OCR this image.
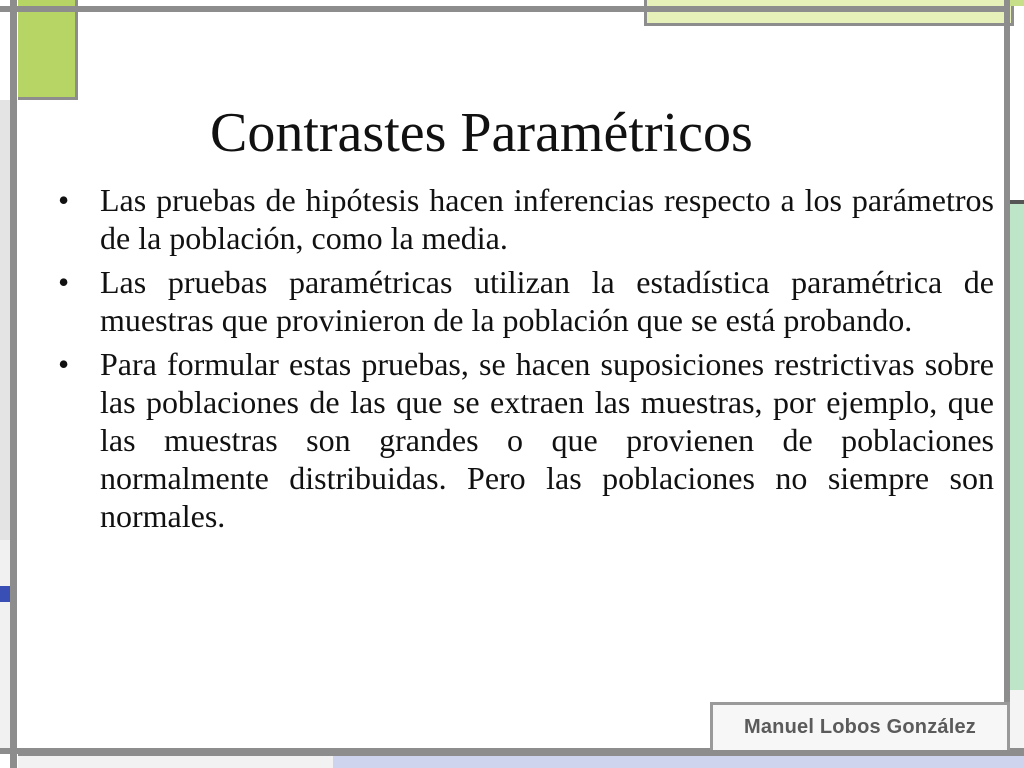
Contrastes Paramétricos
• Las pruebas de hipótesis hacen inferencias respecto a los parámetros de la población, como la media.
• Las pruebas paramétricas utilizan la estadística paramétrica de muestras que provinieron de la población que se está probando.
• Para formular estas pruebas, se hacen suposiciones restrictivas sobre las poblaciones de las que se extraen las muestras, por ejemplo, que las muestras son grandes o que provienen de poblaciones normalmente distribuidas. Pero las poblaciones no siempre son normales.
Manuel Lobos González
